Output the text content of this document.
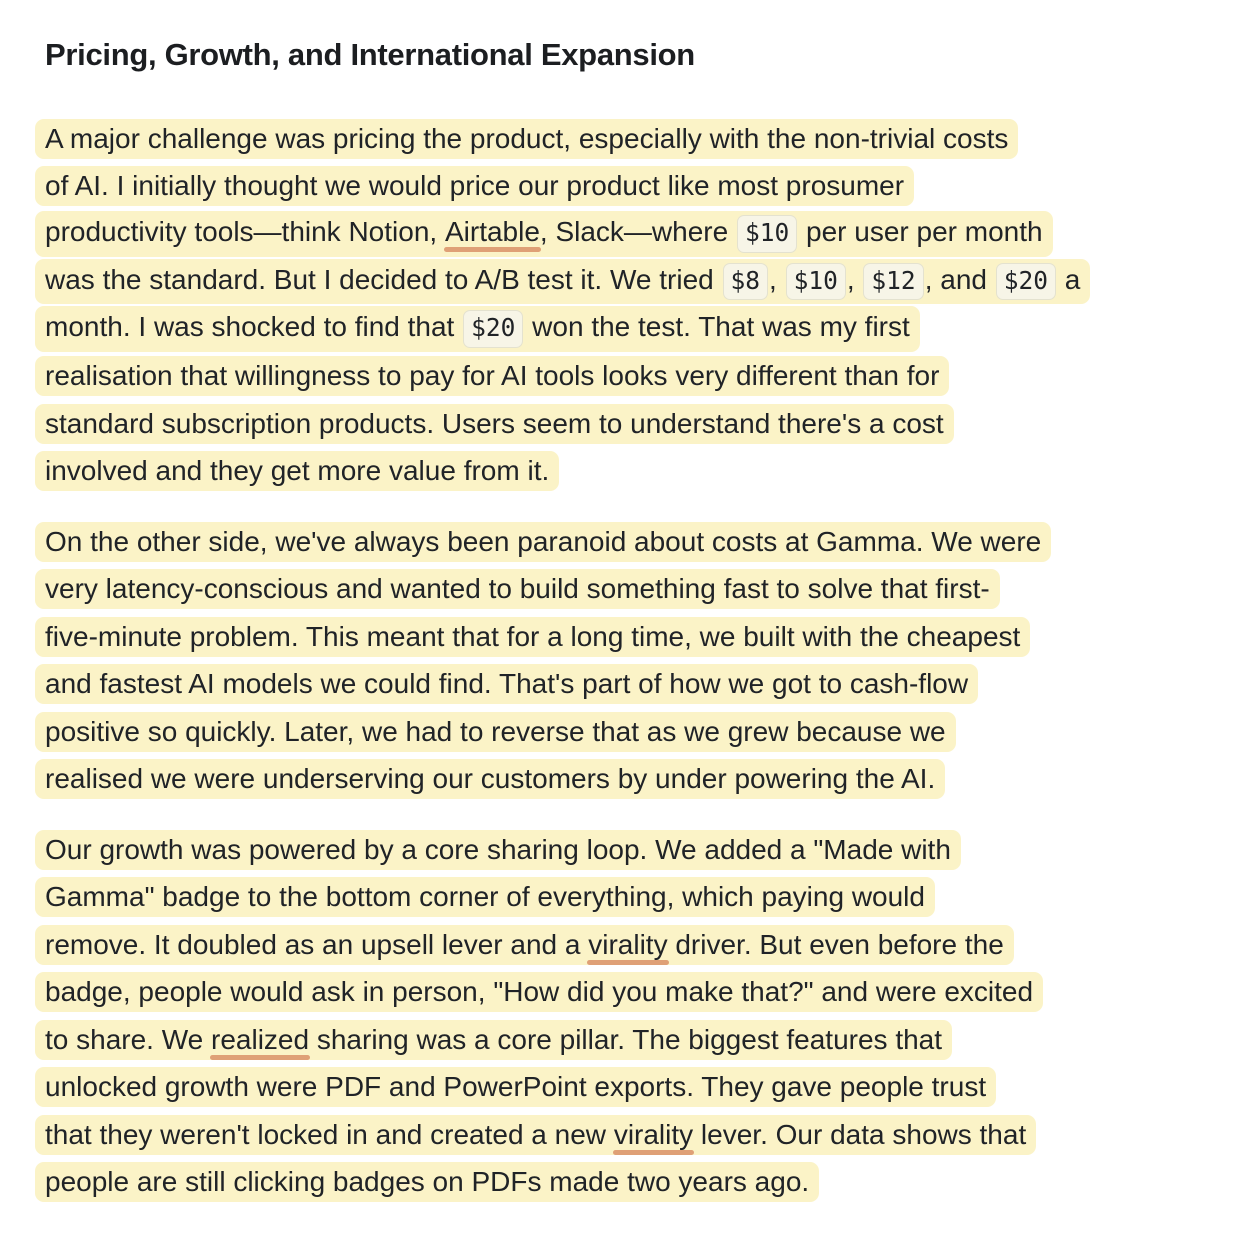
Pricing, Growth, and International Expansion
A major challenge was pricing the product, especially with the non-trivial costs
of AI. I initially thought we would price our product like most prosumer
productivity tools—think Notion, Airtable, Slack—where $10 per user per month
was the standard. But I decided to A/B test it. We tried $8 , $10 , $12 , and $20 a
month. I was shocked to find that $20 won the test. That was my first
realisation that willingness to pay for AI tools looks very different than for
standard subscription products. Users seem to understand there's a cost
involved and they get more value from it.
On the other side, we've always been paranoid about costs at Gamma. We were
very latency-conscious and wanted to build something fast to solve that first-
five-minute problem. This meant that for a long time, we built with the cheapest
and fastest AI models we could find. That's part of how we got to cash-flow
positive so quickly. Later, we had to reverse that as we grew because we
realised we were underserving our customers by under powering the AI.
Our growth was powered by a core sharing loop. We added a "Made with
Gamma" badge to the bottom corner of everything, which paying would
remove. It doubled as an upsell lever and a virality driver. But even before the
badge, people would ask in person, "How did you make that?" and were excited
to share. We realized sharing was a core pillar. The biggest features that
unlocked growth were PDF and PowerPoint exports. They gave people trust
that they weren't locked in and created a new virality lever. Our data shows that
people are still clicking badges on PDFs made two years ago.
